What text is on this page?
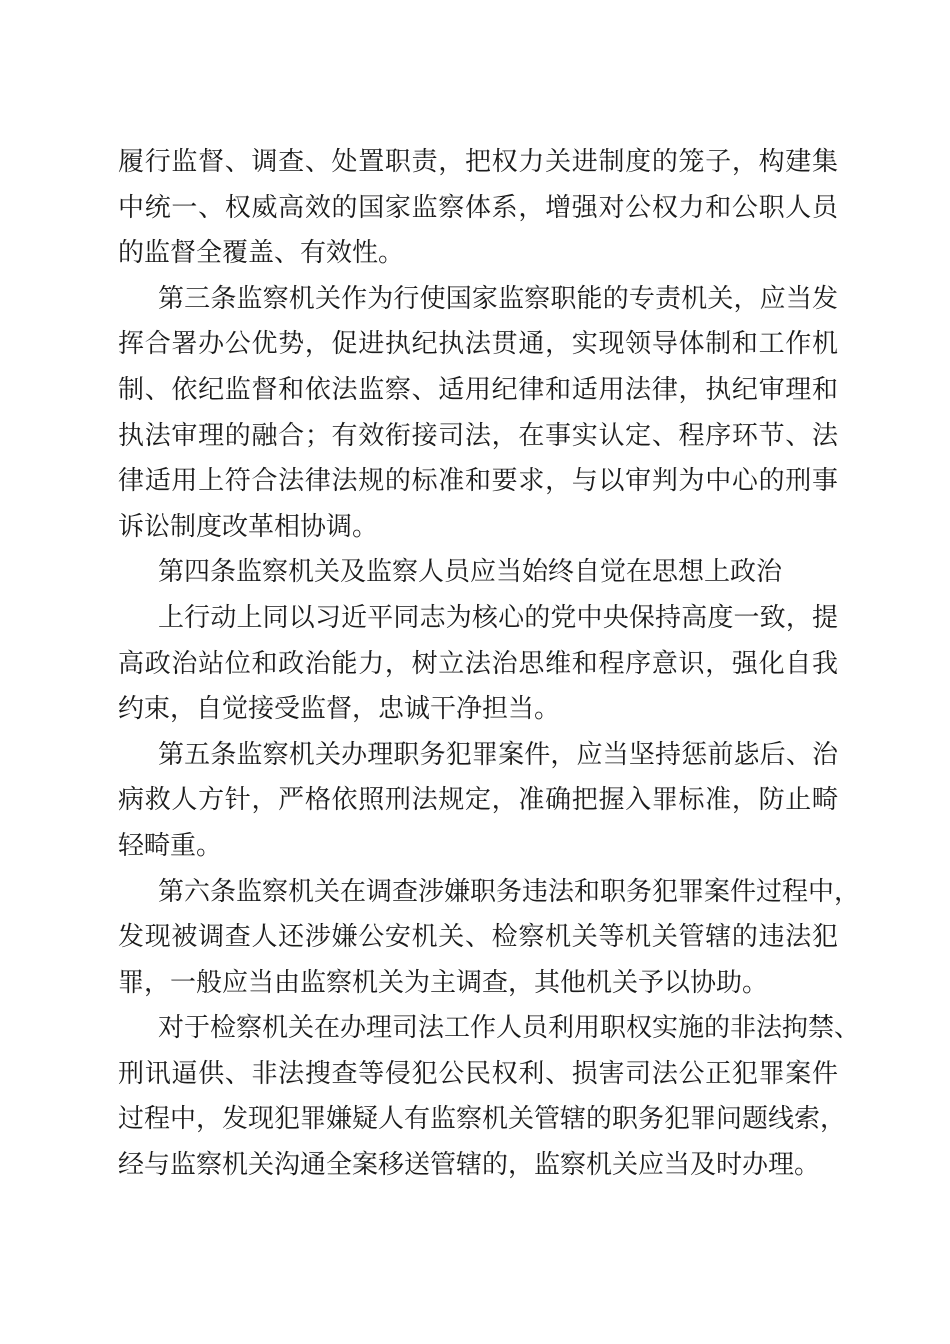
履行监督、调查、处置职责，把权力关进制度的笼子，构建集
中统一、权威高效的国家监察体系，增强对公权力和公职人员
的监督全覆盖、有效性。
第三条监察机关作为行使国家监察职能的专责机关，应当发
挥合署办公优势，促进执纪执法贯通，实现领导体制和工作机
制、依纪监督和依法监察、适用纪律和适用法律，执纪审理和
执法审理的融合；有效衔接司法，在事实认定、程序环节、法
律适用上符合法律法规的标准和要求，与以审判为中心的刑事
诉讼制度改革相协调。
第四条监察机关及监察人员应当始终自觉在思想上政治
上行动上同以习近平同志为核心的党中央保持高度一致，提
高政治站位和政治能力，树立法治思维和程序意识，强化自我
约束，自觉接受监督，忠诚干净担当。
第五条监察机关办理职务犯罪案件，应当坚持惩前毖后、治
病救人方针，严格依照刑法规定，准确把握入罪标准，防止畸
轻畸重。
第六条监察机关在调查涉嫌职务违法和职务犯罪案件过程中，
发现被调查人还涉嫌公安机关、检察机关等机关管辖的违法犯
罪，一般应当由监察机关为主调查，其他机关予以协助。
对于检察机关在办理司法工作人员利用职权实施的非法拘禁、
刑讯逼供、非法搜查等侵犯公民权利、损害司法公正犯罪案件
过程中，发现犯罪嫌疑人有监察机关管辖的职务犯罪问题线索，
经与监察机关沟通全案移送管辖的，监察机关应当及时办理。
